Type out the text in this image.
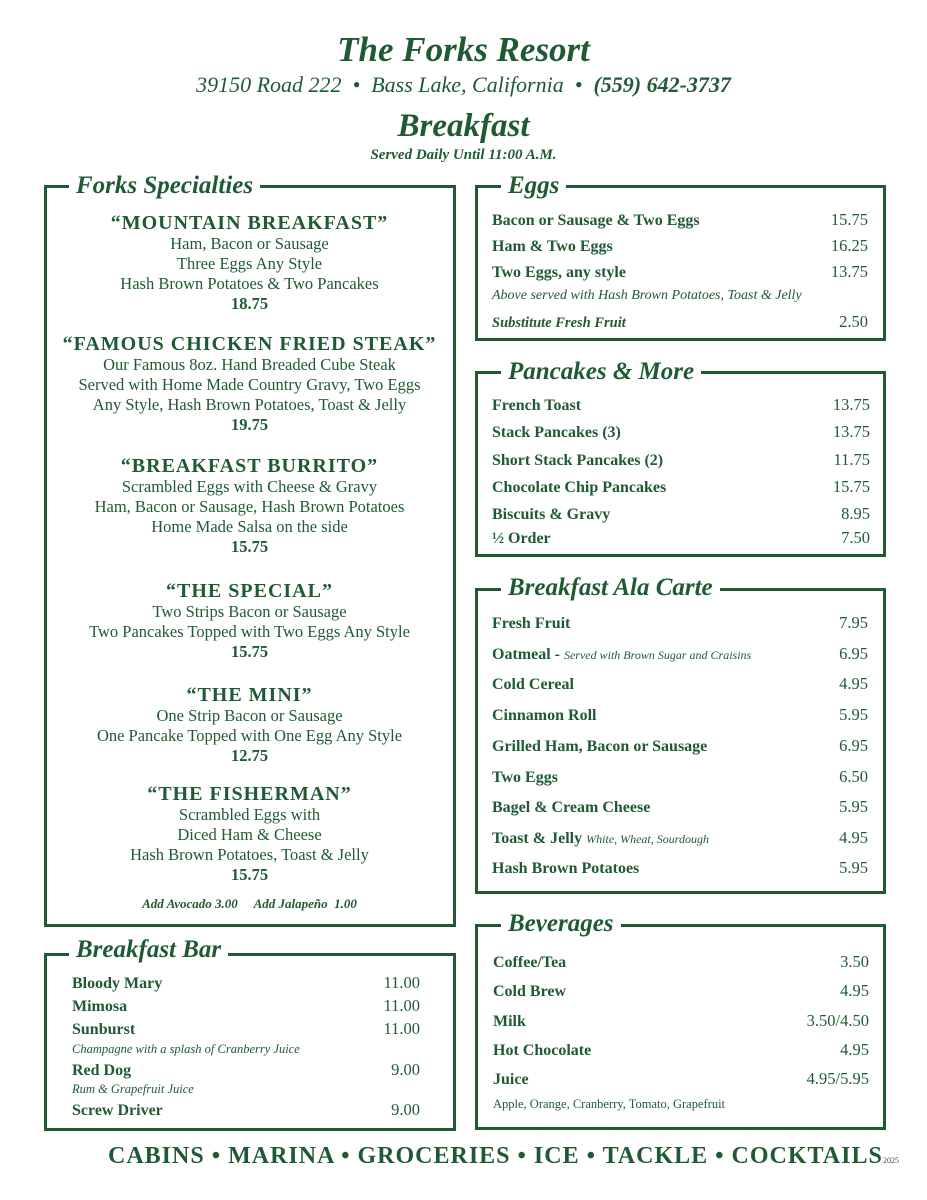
The Forks Resort
39150 Road 222  •  Bass Lake, California  •  (559) 642-3737
Breakfast
Served Daily Until 11:00 A.M.
Forks Specialties
“MOUNTAIN BREAKFAST”
Ham, Bacon or Sausage
Three Eggs Any Style
Hash Brown Potatoes & Two Pancakes
18.75
“FAMOUS CHICKEN FRIED STEAK”
Our Famous 8oz. Hand Breaded Cube Steak
Served with Home Made Country Gravy, Two Eggs
Any Style, Hash Brown Potatoes, Toast & Jelly
19.75
“BREAKFAST BURRITO”
Scrambled Eggs with Cheese & Gravy
Ham, Bacon or Sausage, Hash Brown Potatoes
Home Made Salsa on the side
15.75
“THE SPECIAL”
Two Strips Bacon or Sausage
Two Pancakes Topped with Two Eggs Any Style
15.75
“THE MINI”
One Strip Bacon or Sausage
One Pancake Topped with One Egg Any Style
12.75
“THE FISHERMAN”
Scrambled Eggs with
Diced Ham & Cheese
Hash Brown Potatoes, Toast & Jelly
15.75
Add Avocado 3.00     Add Jalapeño  1.00
Breakfast Bar
Bloody Mary	11.00
Mimosa	11.00
Sunburst	11.00
Champagne with a splash of Cranberry Juice
Red Dog	9.00
Rum & Grapefruit Juice
Screw Driver	9.00
Eggs
Bacon or Sausage & Two Eggs	15.75
Ham & Two Eggs	16.25
Two Eggs, any style	13.75
Above served with Hash Brown Potatoes, Toast & Jelly
Substitute Fresh Fruit	2.50
Pancakes & More
French Toast	13.75
Stack Pancakes (3)	13.75
Short Stack Pancakes (2)	11.75
Chocolate Chip Pancakes	15.75
Biscuits & Gravy	8.95
½ Order	7.50
Breakfast Ala Carte
Fresh Fruit	7.95
Oatmeal - Served with Brown Sugar and Craisins	6.95
Cold Cereal	4.95
Cinnamon Roll	5.95
Grilled Ham, Bacon or Sausage	6.95
Two Eggs	6.50
Bagel & Cream Cheese	5.95
Toast & Jelly White, Wheat, Sourdough	4.95
Hash Brown Potatoes	5.95
Beverages
Coffee/Tea	3.50
Cold Brew	4.95
Milk	3.50/4.50
Hot Chocolate	4.95
Juice	4.95/5.95
Apple, Orange, Cranberry, Tomato, Grapefruit
CABINS • MARINA • GROCERIES • ICE • TACKLE • COCKTAILS 2025
